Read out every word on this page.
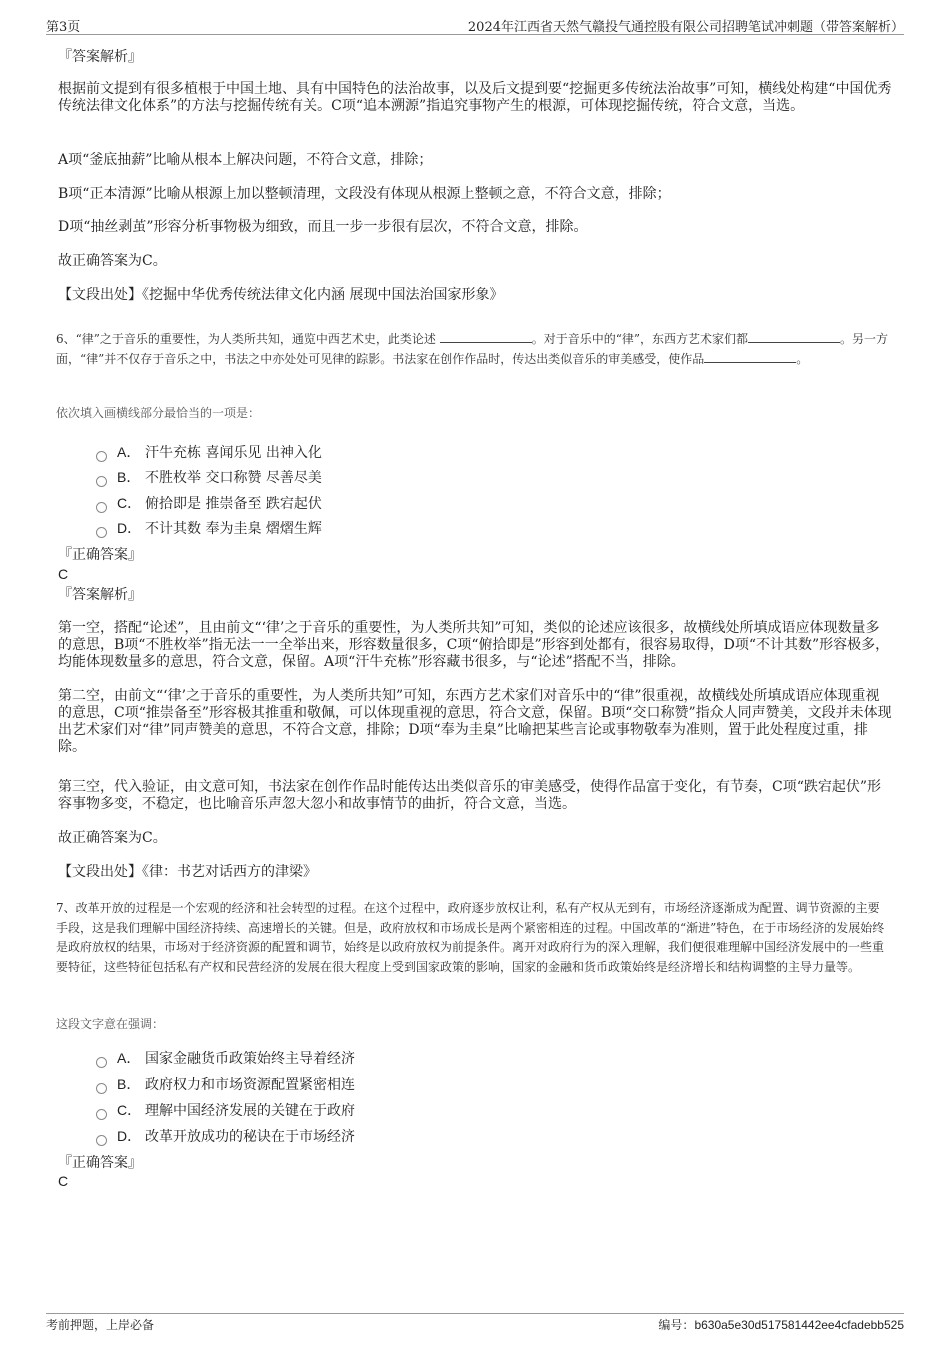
第3页	2024年江西省天然气赣投气通控股有限公司招聘笔试冲刺题（带答案解析）
『答案解析』

根据前文提到有很多植根于中国土地、具有中国特色的法治故事，以及后文提到要“挖掘更多传统法治故事”可知，横线处构建“中国优秀传统法律文化体系”的方法与挖掘传统有关。C项“追本溯源”指追究事物产生的根源，可体现挖掘传统，符合文意，当选。

A项“釜底抽薪”比喻从根本上解决问题，不符合文意，排除；

B项“正本清源”比喻从根源上加以整顿清理，文段没有体现从根源上整顿之意，不符合文意，排除；

D项“抽丝剥茧”形容分析事物极为细致，而且一步一步很有层次，不符合文意，排除。

故正确答案为C。

【文段出处】《挖掘中华优秀传统法律文化内涵 展现中国法治国家形象》

6、“律”之于音乐的重要性，为人类所共知，通览中西艺术史，此类论述	。对于音乐中的“律”，东西方艺术家们都	。另一方面，“律”并不仅存于音乐之中，书法之中亦处处可见律的踪影。书法家在创作作品时，传达出类似音乐的审美感受，使作品	。

依次填入画横线部分最恰当的一项是：

A． 汗牛充栋 喜闻乐见 出神入化
B． 不胜枚举 交口称赞 尽善尽美
C． 俯拾即是 推崇备至 跌宕起伏
D． 不计其数 奉为圭臬 熠熠生辉
『正确答案』
C
『答案解析』

第一空，搭配“论述”，且由前文“‘律’之于音乐的重要性，为人类所共知”可知，类似的论述应该很多，故横线处所填成语应体现数量多的意思，B项“不胜枚举”指无法一一全举出来，形容数量很多，C项“俯拾即是”形容到处都有，很容易取得，D项“不计其数”形容极多，均能体现数量多的意思，符合文意，保留。A项“汗牛充栋”形容藏书很多，与“论述”搭配不当，排除。

第二空，由前文“‘律’之于音乐的重要性，为人类所共知”可知，东西方艺术家们对音乐中的“律”很重视，故横线处所填成语应体现重视的意思，C项“推崇备至”形容极其推重和敬佩，可以体现重视的意思，符合文意，保留。B项“交口称赞”指众人同声赞美，文段并未体现出艺术家们对“律”同声赞美的意思，不符合文意，排除；D项“奉为圭臬”比喻把某些言论或事物敬奉为准则，置于此处程度过重，排除。

第三空，代入验证，由文意可知，书法家在创作作品时能传达出类似音乐的审美感受，使得作品富于变化，有节奏，C项“跌宕起伏”形容事物多变，不稳定，也比喻音乐声忽大忽小和故事情节的曲折，符合文意，当选。

故正确答案为C。

【文段出处】《律：书艺对话西方的津梁》

7、改革开放的过程是一个宏观的经济和社会转型的过程。在这个过程中，政府逐步放权让利，私有产权从无到有，市场经济逐渐成为配置、调节资源的主要手段，这是我们理解中国经济持续、高速增长的关键。但是，政府放权和市场成长是两个紧密相连的过程。中国改革的“渐进”特色，在于市场经济的发展始终是政府放权的结果，市场对于经济资源的配置和调节，始终是以政府放权为前提条件。离开对政府行为的深入理解，我们便很难理解中国经济发展中的一些重要特征，这些特征包括私有产权和民营经济的发展在很大程度上受到国家政策的影响，国家的金融和货币政策始终是经济增长和结构调整的主导力量等。

这段文字意在强调：

A． 国家金融货币政策始终主导着经济
B． 政府权力和市场资源配置紧密相连
C． 理解中国经济发展的关键在于政府
D． 改革开放成功的秘诀在于市场经济
『正确答案』
C
考前押题，上岸必备	编号：b630a5e30d517581442ee4cfadebb525
